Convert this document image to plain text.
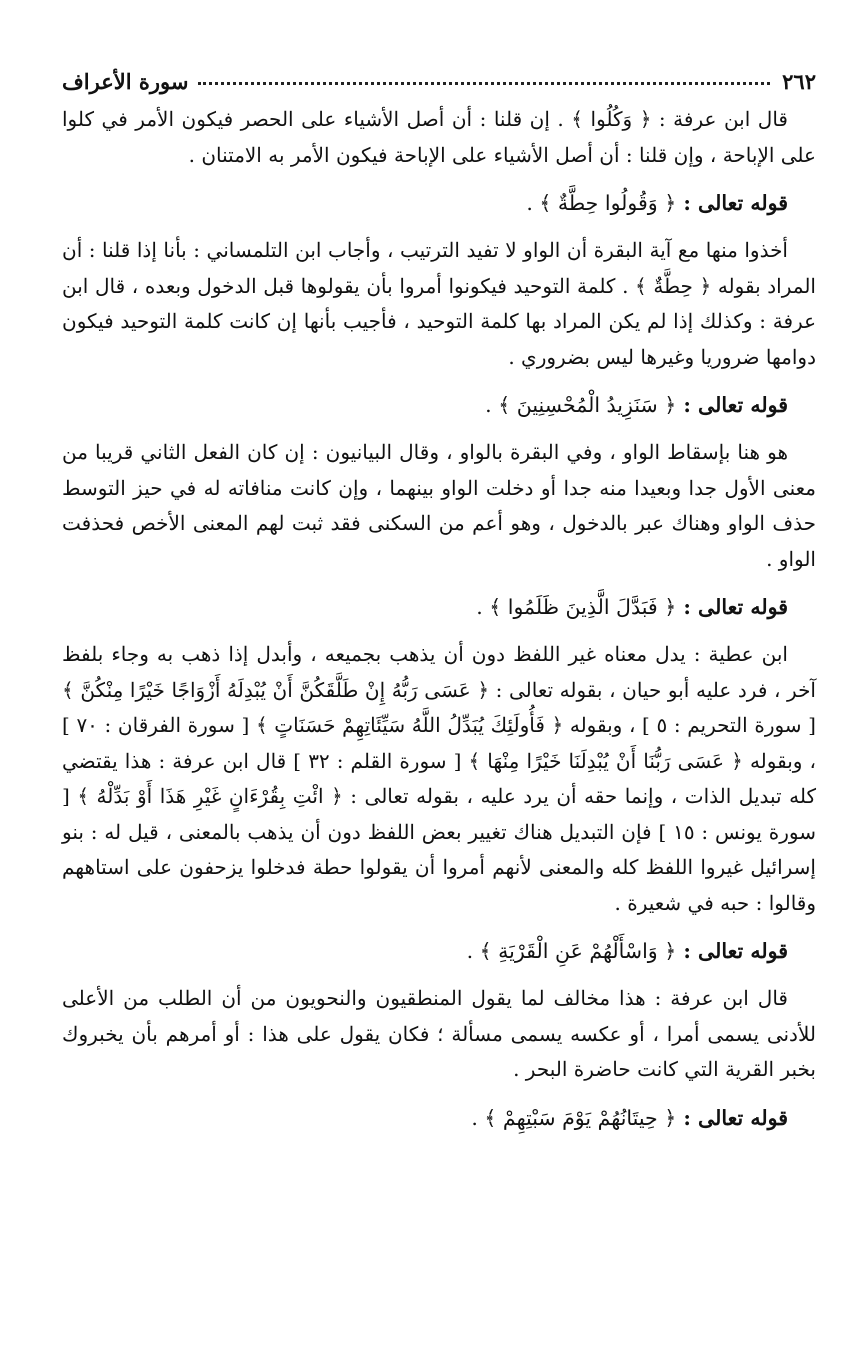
٢٦٢
سورة الأعراف

قال ابن عرفة : ﴿ وَكُلُوا ﴾ . إن قلنا : أن أصل الأشياء على الحصر فيكون الأمر في كلوا على الإباحة ، وإن قلنا : أن أصل الأشياء على الإباحة فيكون الأمر به الامتنان .

قوله تعالى : ﴿ وَقُولُوا حِطَّةٌ ﴾ .

أخذوا منها مع آية البقرة أن الواو لا تفيد الترتيب ، وأجاب ابن التلمساني : بأنا إذا قلنا : أن المراد بقوله ﴿ حِطَّةٌ ﴾ . كلمة التوحيد فيكونوا أمروا بأن يقولوها قبل الدخول وبعده ، قال ابن عرفة : وكذلك إذا لم يكن المراد بها كلمة التوحيد ، فأجيب بأنها إن كانت كلمة التوحيد فيكون دوامها ضروريا وغيرها ليس بضروري .

قوله تعالى : ﴿ سَنَزِيدُ الْمُحْسِنِينَ ﴾ .

هو هنا بإسقاط الواو ، وفي البقرة بالواو ، وقال البيانيون : إن كان الفعل الثاني قريبا من معنى الأول جدا وبعيدا منه جدا أو دخلت الواو بينهما ، وإن كانت منافاته له في حيز التوسط حذف الواو وهناك عبر بالدخول ، وهو أعم من السكنى فقد ثبت لهم المعنى الأخص فحذفت الواو .

قوله تعالى : ﴿ فَبَدَّلَ الَّذِينَ ظَلَمُوا ﴾ .

ابن عطية : يدل معناه غير اللفظ دون أن يذهب بجميعه ، وأبدل إذا ذهب به وجاء بلفظ آخر ، فرد عليه أبو حيان ، بقوله تعالى : ﴿ عَسَى رَبُّهُ إِنْ طَلَّقَكُنَّ أَنْ يُبْدِلَهُ أَزْوَاجًا خَيْرًا مِنْكُنَّ ﴾ [ سورة التحريم : ٥ ] ، وبقوله ﴿ فَأُولَئِكَ يُبَدِّلُ اللَّهُ سَيِّئَاتِهِمْ حَسَنَاتٍ ﴾ [ سورة الفرقان : ٧٠ ] ، وبقوله ﴿ عَسَى رَبُّنَا أَنْ يُبْدِلَنَا خَيْرًا مِنْهَا ﴾ [ سورة القلم : ٣٢ ] قال ابن عرفة : هذا يقتضي كله تبديل الذات ، وإنما حقه أن يرد عليه ، بقوله تعالى : ﴿ ائْتِ بِقُرْءَانٍ غَيْرِ هَذَا أَوْ بَدِّلْهُ ﴾ [ سورة يونس : ١٥ ] فإن التبديل هناك تغيير بعض اللفظ دون أن يذهب بالمعنى ، قيل له : بنو إسرائيل غيروا اللفظ كله والمعنى لأنهم أمروا أن يقولوا حطة فدخلوا يزحفون على استاههم وقالوا : حبه في شعيرة .

قوله تعالى : ﴿ وَاسْأَلْهُمْ عَنِ الْقَرْيَةِ ﴾ .

قال ابن عرفة : هذا مخالف لما يقول المنطقيون والنحويون من أن الطلب من الأعلى للأدنى يسمى أمرا ، أو عكسه يسمى مسألة ؛ فكان يقول على هذا : أو أمرهم بأن يخبروك بخبر القرية التي كانت حاضرة البحر .

قوله تعالى : ﴿ حِيتَانُهُمْ يَوْمَ سَبْتِهِمْ ﴾ .
